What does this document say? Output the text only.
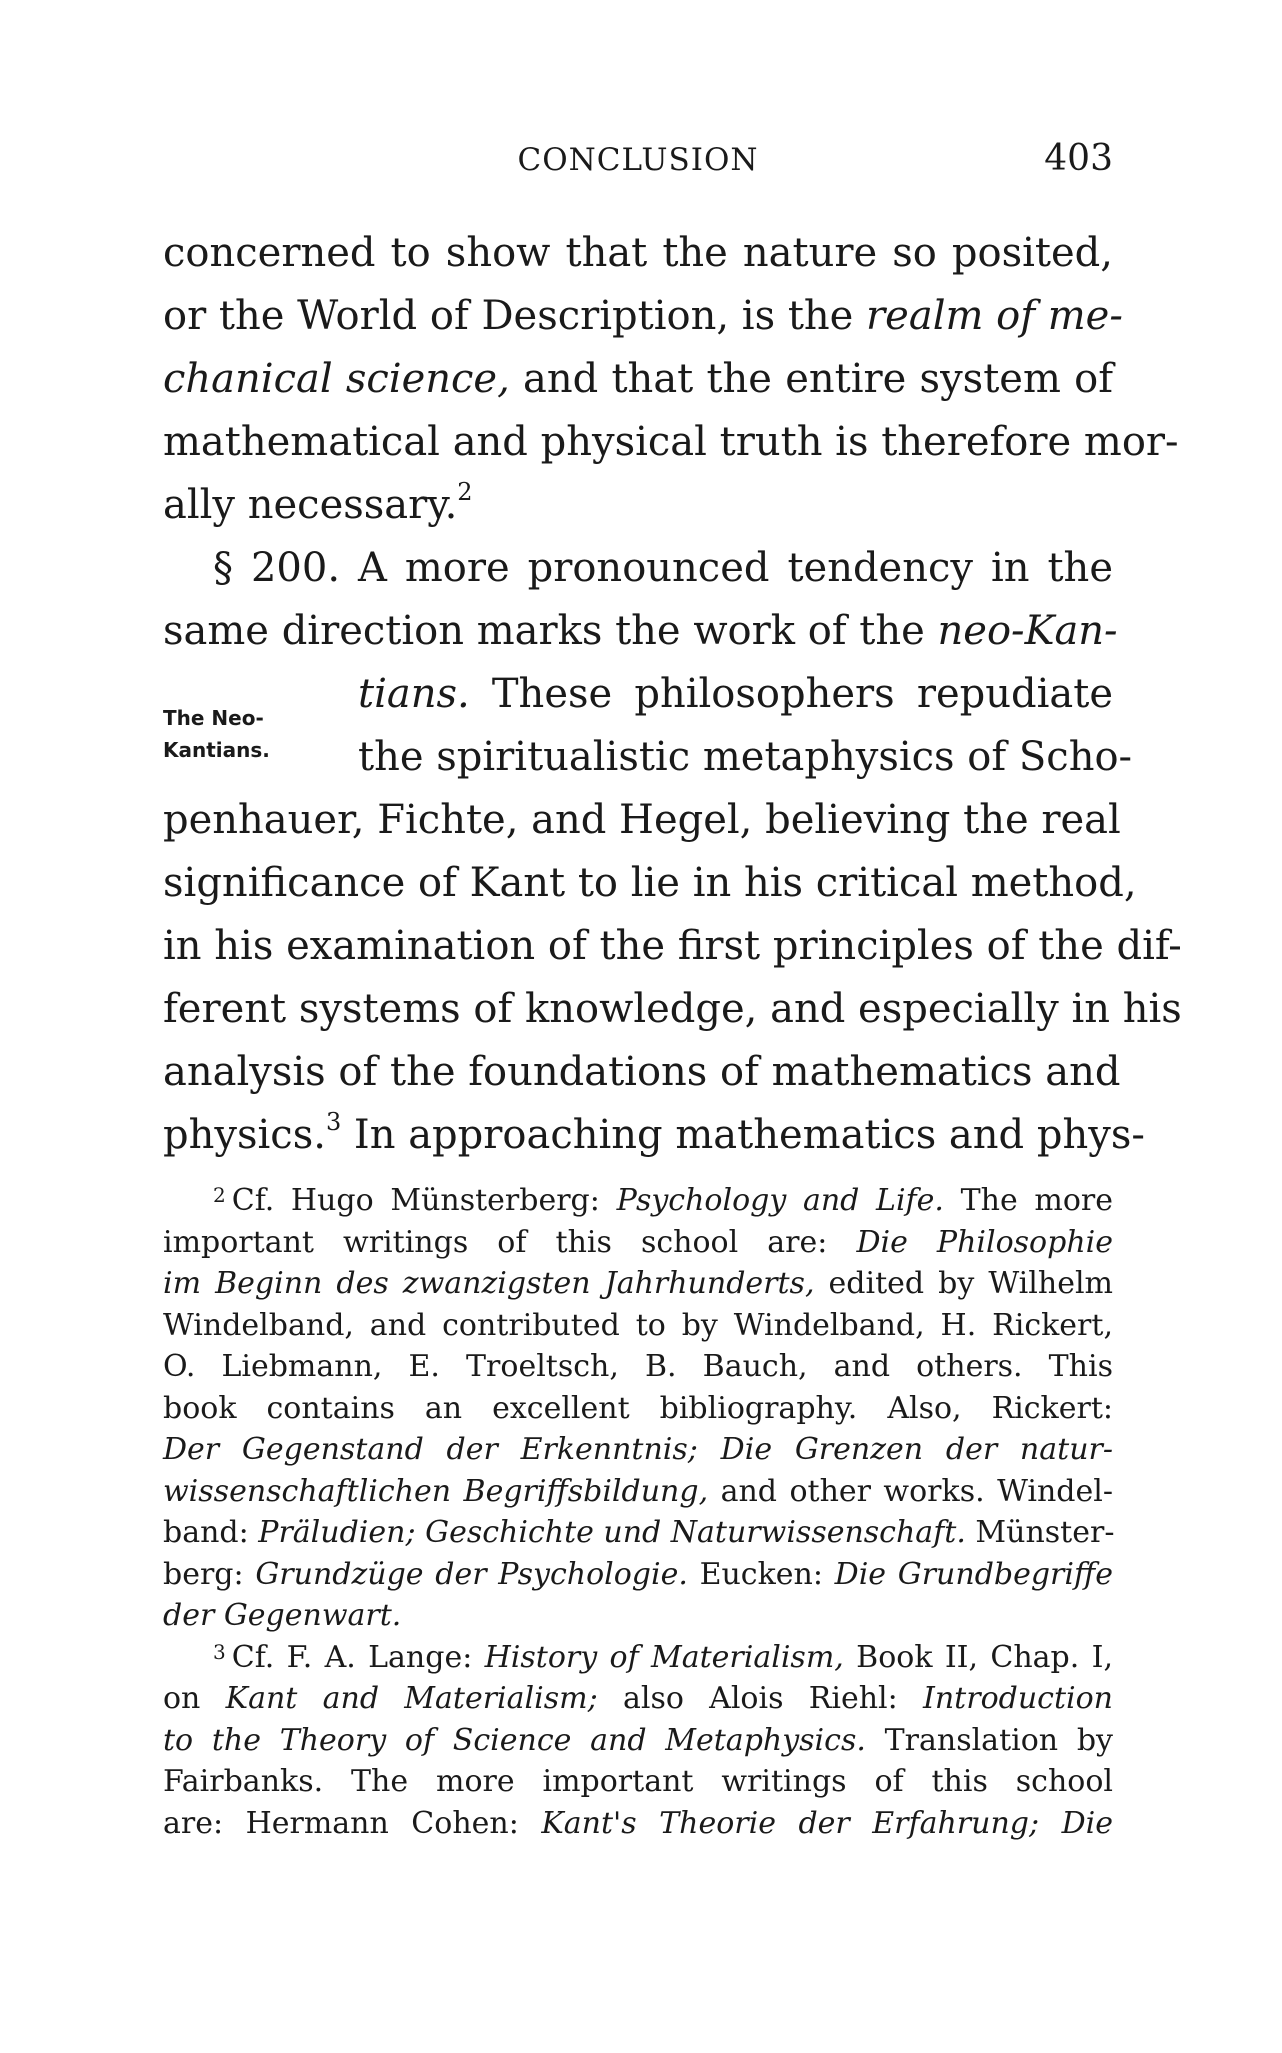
CONCLUSION	403
The Neo-
Kantians.
concerned to show that the nature so posited,
or the World of Description, is the realm of me-
chanical science, and that the entire system of
mathematical and physical truth is therefore mor-
ally necessary.$^2$
§ 200. A more pronounced tendency in the
same direction marks the work of the neo-Kan-
tians. These philosophers repudiate
the spiritualistic metaphysics of Scho-
penhauer, Fichte, and Hegel, believing the real
significance of Kant to lie in his critical method,
in his examination of the first principles of the dif-
ferent systems of knowledge, and especially in his
analysis of the foundations of mathematics and
physics.$^3$ In approaching mathematics and phys-
$^2$ Cf. Hugo Münsterberg: Psychology and Life. The more
important writings of this school are: Die Philosophie
im Beginn des zwanzigsten Jahrhunderts, edited by Wilhelm
Windelband, and contributed to by Windelband, H. Rickert,
O. Liebmann, E. Troeltsch, B. Bauch, and others. This
book contains an excellent bibliography. Also, Rickert:
Der Gegenstand der Erkenntnis; Die Grenzen der natur-
wissenschaftlichen Begriffsbildung, and other works. Windel-
band: Präludien; Geschichte und Naturwissenschaft. Münster-
berg: Grundzüge der Psychologie. Eucken: Die Grundbegriffe
der Gegenwart.
$^3$ Cf. F. A. Lange: History of Materialism, Book II, Chap. I,
on Kant and Materialism; also Alois Riehl: Introduction
to the Theory of Science and Metaphysics. Translation by
Fairbanks. The more important writings of this school
are: Hermann Cohen: Kant's Theorie der Erfahrung; Die
